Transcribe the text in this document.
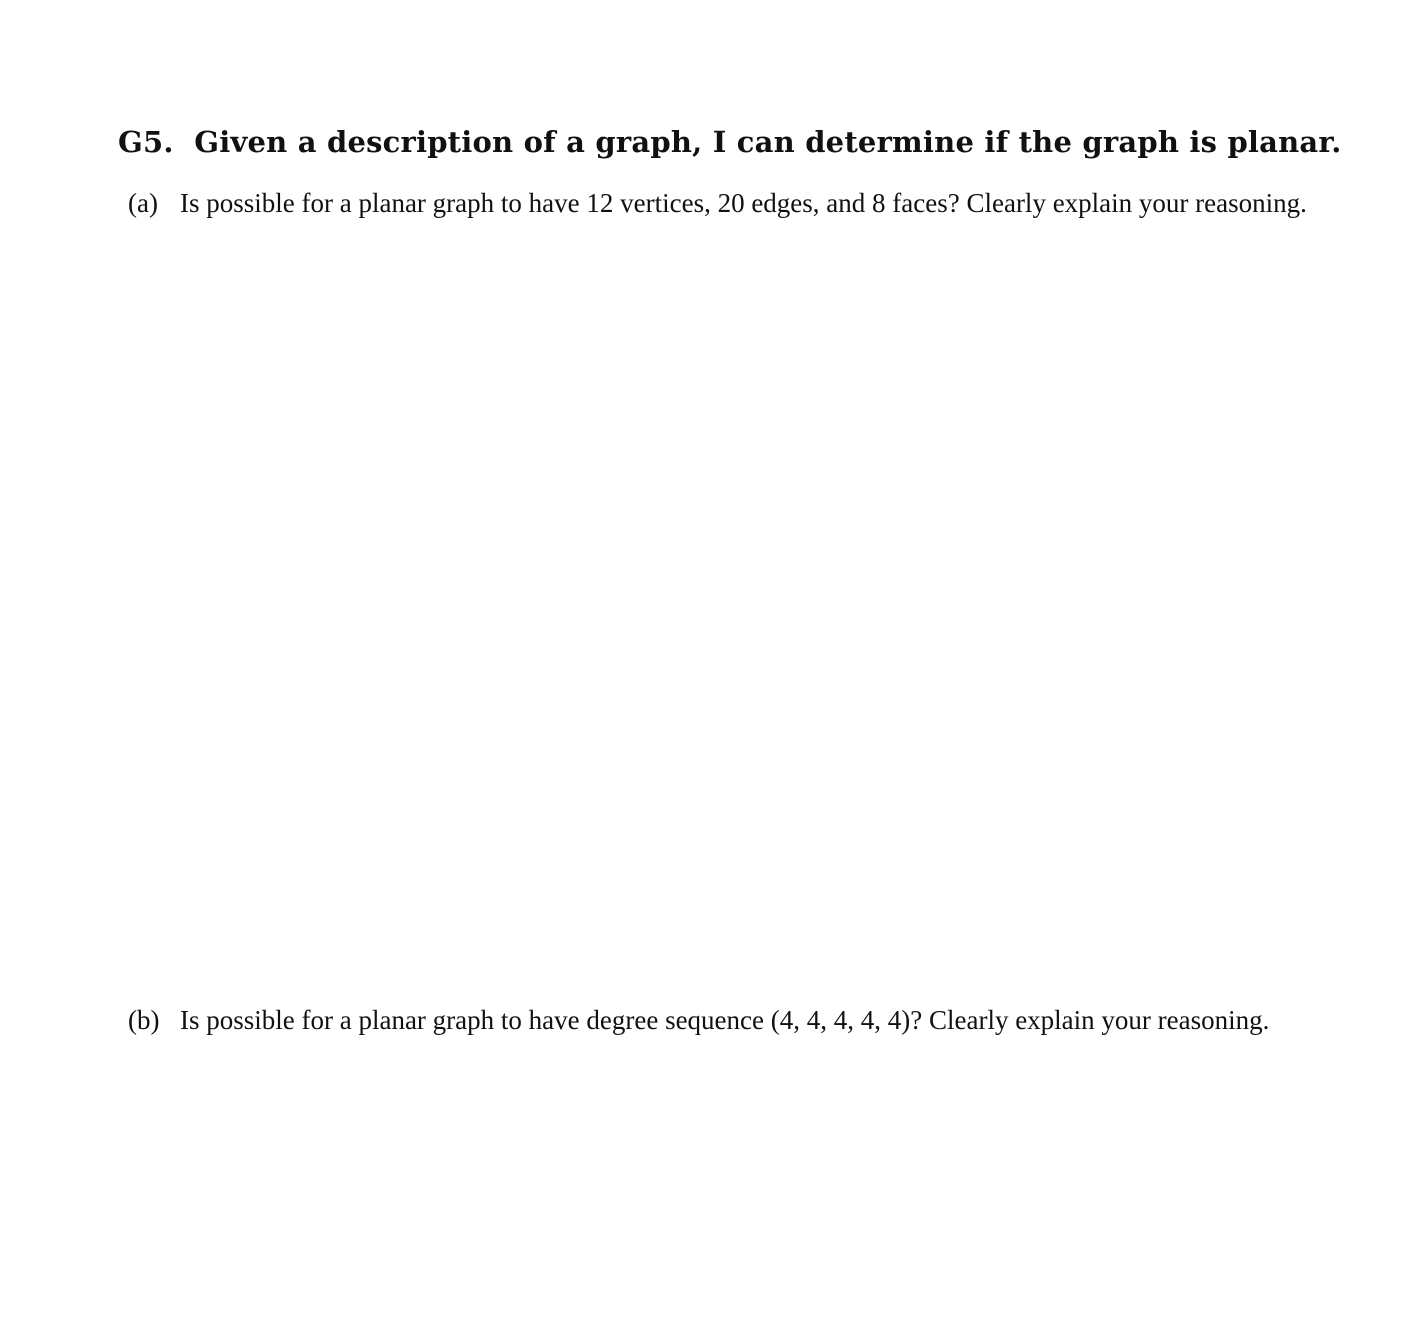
G5. Given a description of a graph, I can determine if the graph is planar.
(a) Is possible for a planar graph to have 12 vertices, 20 edges, and 8 faces? Clearly explain your reasoning.
(b) Is possible for a planar graph to have degree sequence (4, 4, 4, 4, 4)? Clearly explain your reasoning.
